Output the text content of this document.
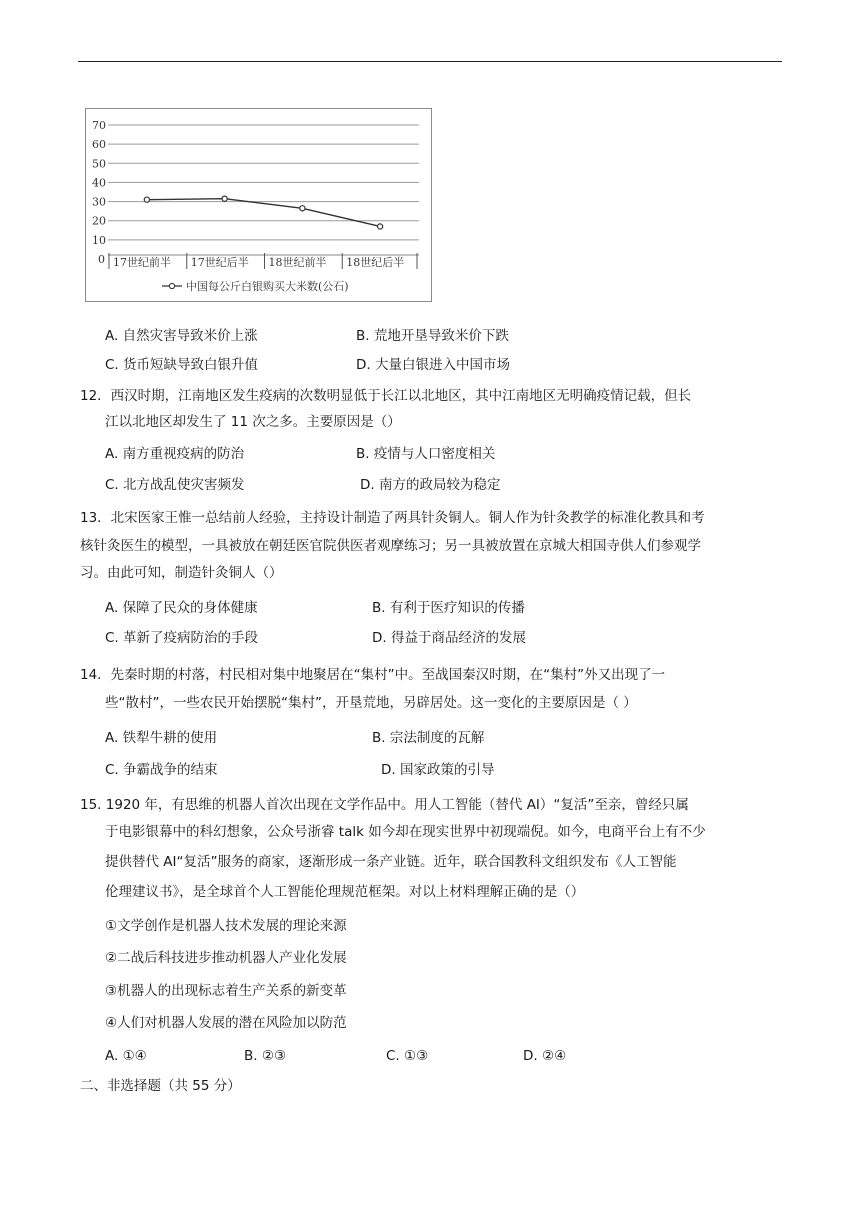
0
10
20
30
40
50
60
70
17世纪前半 17世纪后半 18世纪前半 18世纪后半
中国每公斤白银购买大米数(公石)
A. 自然灾害导致米价上涨	B. 荒地开垦导致米价下跌
C. 货币短缺导致白银升值	D. 大量白银进入中国市场
12．西汉时期，江南地区发生疫病的次数明显低于长江以北地区，其中江南地区无明确疫情记载，但长
江以北地区却发生了 11 次之多。主要原因是（）
A. 南方重视疫病的防治	B. 疫情与人口密度相关
C. 北方战乱使灾害频发	D. 南方的政局较为稳定
13．北宋医家王惟一总结前人经验，主持设计制造了两具针灸铜人。铜人作为针灸教学的标准化教具和考
核针灸医生的模型，一具被放在朝廷医官院供医者观摩练习；另一具被放置在京城大相国寺供人们参观学
习。由此可知，制造针灸铜人（）
A. 保障了民众的身体健康	B. 有利于医疗知识的传播
C. 革新了疫病防治的手段	D. 得益于商品经济的发展
14．先秦时期的村落，村民相对集中地聚居在“集村”中。至战国秦汉时期，在“集村”外又出现了一
些“散村”，一些农民开始摆脱“集村”，开垦荒地，另辟居处。这一变化的主要原因是（ ）
A. 铁犁牛耕的使用	B. 宗法制度的瓦解
C. 争霸战争的结束	D. 国家政策的引导
15. 1920 年，有思维的机器人首次出现在文学作品中。用人工智能（替代 AI）“复活”至亲，曾经只属
于电影银幕中的科幻想象，公众号浙睿 talk 如今却在现实世界中初现端倪。如今，电商平台上有不少
提供替代 AI“复活”服务的商家，逐渐形成一条产业链。近年，联合国教科文组织发布《人工智能
伦理建议书》，是全球首个人工智能伦理规范框架。对以上材料理解正确的是（）
①文学创作是机器人技术发展的理论来源
②二战后科技进步推动机器人产业化发展
③机器人的出现标志着生产关系的新变革
④人们对机器人发展的潜在风险加以防范
A. ①④	B. ②③	C. ①③	D. ②④
二、非选择题（共 55 分）
